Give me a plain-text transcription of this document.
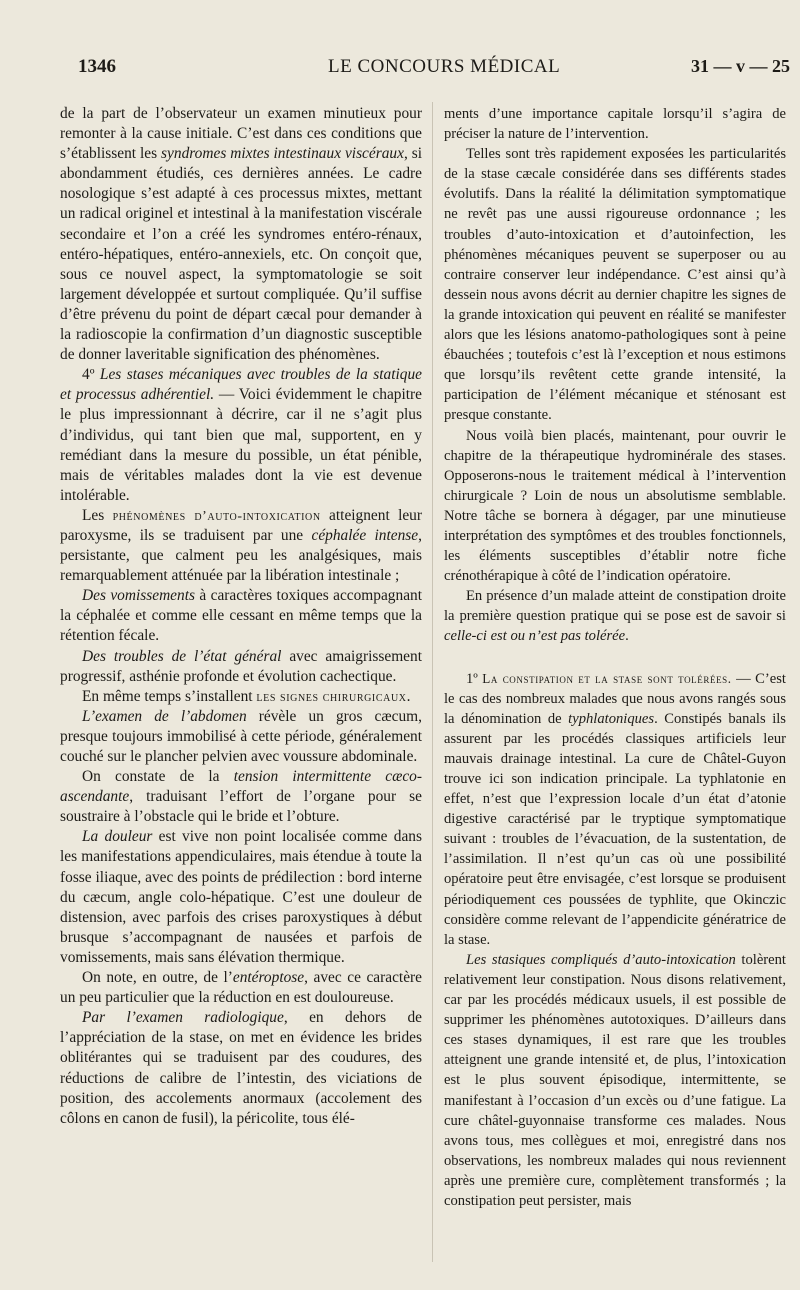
1346	LE CONCOURS MÉDICAL	31 — v — 25

de la part de l’observateur un examen minutieux pour remonter à la cause initiale. C’est dans ces conditions que s’établissent les syndromes mixtes intestinaux viscéraux, si abondamment étudiés, ces dernières années. Le cadre nosologique s’est adapté à ces processus mixtes, mettant un radical originel et intestinal à la manifestation viscérale secondaire et l’on a créé les syndromes entéro-rénaux, entéro-hépatiques, entéro-annexiels, etc. On conçoit que, sous ce nouvel aspect, la symptomatologie se soit largement développée et surtout compliquée. Qu’il suffise d’être prévenu du point de départ cæcal pour demander à la radioscopie la confirmation d’un diagnostic susceptible de donner laveritable signification des phénomènes.

4º Les stases mécaniques avec troubles de la statique et processus adhérentiel. — Voici évidemment le chapitre le plus impressionnant à décrire, car il ne s’agit plus d’individus, qui tant bien que mal, supportent, en y remédiant dans la mesure du possible, un état pénible, mais de véritables malades dont la vie est devenue intolérable.

Les phénomènes d’auto-intoxication atteignent leur paroxysme, ils se traduisent par une céphalée intense, persistante, que calment peu les analgésiques, mais remarquablement atténuée par la libération intestinale ;

Des vomissements à caractères toxiques accompagnant la céphalée et comme elle cessant en même temps que la rétention fécale.

Des troubles de l’état général avec amaigrissement progressif, asthénie profonde et évolution cachectique.

En même temps s’installent les signes chirurgicaux.

L’examen de l’abdomen révèle un gros cæcum, presque toujours immobilisé à cette période, généralement couché sur le plancher pelvien avec voussure abdominale.

On constate de la tension intermittente cæco-ascendante, traduisant l’effort de l’organe pour se soustraire à l’obstacle qui le bride et l’obture.

La douleur est vive non point localisée comme dans les manifestations appendiculaires, mais étendue à toute la fosse iliaque, avec des points de prédilection : bord interne du cæcum, angle colo-hépatique. C’est une douleur de distension, avec parfois des crises paroxystiques à début brusque s’accompagnant de nausées et parfois de vomissements, mais sans élévation thermique.

On note, en outre, de l’entéroptose, avec ce caractère un peu particulier que la réduction en est douloureuse.

Par l’examen radiologique, en dehors de l’appréciation de la stase, on met en évidence les brides oblitérantes qui se traduisent par des coudures, des réductions de calibre de l’intestin, des viciations de position, des accolements anormaux (accolement des côlons en canon de fusil), la péricolite, tous élé-

ments d’une importance capitale lorsqu’il s’agira de préciser la nature de l’intervention.

Telles sont très rapidement exposées les particularités de la stase cæcale considérée dans ses différents stades évolutifs. Dans la réalité la délimitation symptomatique ne revêt pas une aussi rigoureuse ordonnance ; les troubles d’auto-intoxication et d’autoinfection, les phénomènes mécaniques peuvent se superposer ou au contraire conserver leur indépendance. C’est ainsi qu’à dessein nous avons décrit au dernier chapitre les signes de la grande intoxication qui peuvent en réalité se manifester alors que les lésions anatomo-pathologiques sont à peine ébauchées ; toutefois c’est là l’exception et nous estimons que lorsqu’ils revêtent cette grande intensité, la participation de l’élément mécanique et sténosant est presque constante.

Nous voilà bien placés, maintenant, pour ouvrir le chapitre de la thérapeutique hydrominérale des stases. Opposerons-nous le traitement médical à l’intervention chirurgicale ? Loin de nous un absolutisme semblable. Notre tâche se bornera à dégager, par une minutieuse interprétation des symptômes et des troubles fonctionnels, les éléments susceptibles d’établir notre fiche crénothérapique à côté de l’indication opératoire.

En présence d’un malade atteint de constipation droite la première question pratique qui se pose est de savoir si celle-ci est ou n’est pas tolérée.

1º La constipation et la stase sont tolérées. — C’est le cas des nombreux malades que nous avons rangés sous la dénomination de typhlatoniques. Constipés banals ils assurent par les procédés classiques artificiels leur mauvais drainage intestinal. La cure de Châtel-Guyon trouve ici son indication principale. La typhlatonie en effet, n’est que l’expression locale d’un état d’atonie digestive caractérisé par le tryptique symptomatique suivant : troubles de l’évacuation, de la sustentation, de l’assimilation. Il n’est qu’un cas où une possibilité opératoire peut être envisagée, c’est lorsque se produisent périodiquement ces poussées de typhlite, que Okinczic considère comme relevant de l’appendicite génératrice de la stase.

Les stasiques compliqués d’auto-intoxication tolèrent relativement leur constipation. Nous disons relativement, car par les procédés médicaux usuels, il est possible de supprimer les phénomènes autotoxiques. D’ailleurs dans ces stases dynamiques, il est rare que les troubles atteignent une grande intensité et, de plus, l’intoxication est le plus souvent épisodique, intermittente, se manifestant à l’occasion d’un excès ou d’une fatigue. La cure châtel-guyonnaise transforme ces malades. Nous avons tous, mes collègues et moi, enregistré dans nos observations, les nombreux malades qui nous reviennent après une première cure, complètement transformés ; la constipation peut persister, mais
